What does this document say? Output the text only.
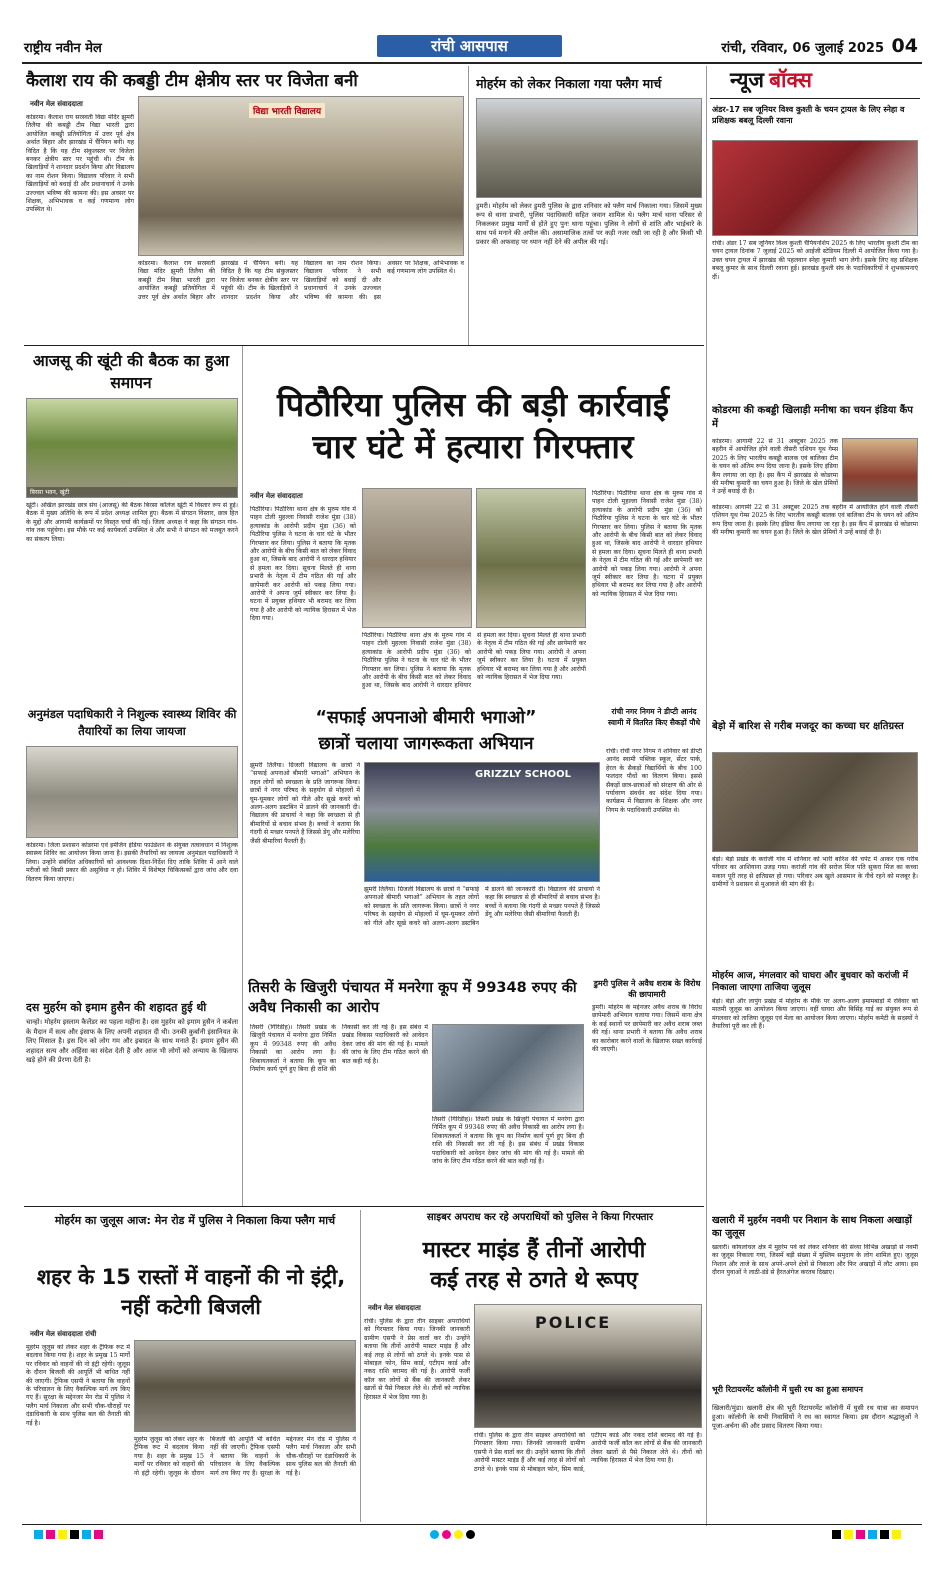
राष्ट्रीय नवीन मेल	रांची आसपास	रांची, रविवार, 06 जुलाई 2025 04
कैलाश राय की कबड्डी टीम क्षेत्रीय स्तर पर विजेता बनी
नवीन मेल संवाददाता
कोडरमा। कैलाश राय सरस्वती विद्या मंदिर झुमरी तिलैया की कबड्डी टीम विद्या भारती द्वारा आयोजित कबड्डी प्रतियोगिता में उत्तर पूर्व क्षेत्र अर्थात बिहार और झारखंड में चैंपियन बनी। यह विदित है कि यह टीम संकुलस्तर पर विजेता बनकर क्षेत्रीय स्तर पर पहुंची थी। टीम के खिलाड़ियों ने शानदार प्रदर्शन किया और विद्यालय का नाम रोशन किया। विद्यालय परिवार ने सभी खिलाड़ियों को बधाई दी और प्रधानाचार्य ने उनके उज्ज्वल भविष्य की कामना की। इस अवसर पर शिक्षक, अभिभावक व कई गणमान्य लोग उपस्थित थे।
विद्या भारती विद्यालय
कोडरमा। कैलाश राय सरस्वती विद्या मंदिर झुमरी तिलैया की कबड्डी टीम विद्या भारती द्वारा आयोजित कबड्डी प्रतियोगिता में उत्तर पूर्व क्षेत्र अर्थात बिहार और झारखंड में चैंपियन बनी। यह विदित है कि यह टीम संकुलस्तर पर विजेता बनकर क्षेत्रीय स्तर पर पहुंची थी। टीम के खिलाड़ियों ने शानदार प्रदर्शन किया और विद्यालय का नाम रोशन किया। विद्यालय परिवार ने सभी खिलाड़ियों को बधाई दी और प्रधानाचार्य ने उनके उज्ज्वल भविष्य की कामना की। इस अवसर पर शिक्षक, अभिभावक व कई गणमान्य लोग उपस्थित थे।
मोहर्रम को लेकर निकाला गया फ्लैग मार्च
डुमरी। मोहर्रम को लेकर डुमरी पुलिस के द्वारा शनिवार को फ्लैग मार्च निकाला गया। जिसमें मुख्य रूप से थाना प्रभारी, पुलिस पदाधिकारी सहित जवान शामिल थे। फ्लैग मार्च थाना परिसर से निकलकर प्रमुख मार्गों से होते हुए पुनः थाना पहुंचा। पुलिस ने लोगों से शांति और भाईचारे के साथ पर्व मनाने की अपील की। असामाजिक तत्वों पर कड़ी नजर रखी जा रही है और किसी भी प्रकार की अफवाह पर ध्यान नहीं देने की अपील की गई।
न्यूज बॉक्स
अंडर-17 सब जूनियर विश्व कुश्ती के चयन ट्रायल के लिए स्नेहा व प्रशिक्षक बबलू दिल्ली रवाना
रांची। अंडर 17 सब जूनियर विश्व कुश्ती चैंपियनशिप 2025 के लिए भारतीय कुश्ती टीम का चयन ट्रायल दिनांक 7 जुलाई 2025 को आईजी स्टेडियम दिल्ली में आयोजित किया गया है। उक्त चयन ट्रायल में झारखंड की पहलवान स्नेहा कुमारी भाग लेगी। इसके लिए वह प्रशिक्षक बबलू कुमार के साथ दिल्ली रवाना हुई। झारखंड कुश्ती संघ के पदाधिकारियों ने शुभकामनाएं दीं।
कोडरमा की कबड्डी खिलाड़ी मनीषा का चयन इंडिया कैंप में
कोडरमा। आगामी 22 से 31 अक्टूबर 2025 तक बहरीन में आयोजित होने वाली तीसरी एशियन यूथ गेम्स 2025 के लिए भारतीय कबड्डी बालक एवं बालिका टीम के चयन को अंतिम रूप दिया जाना है। इसके लिए इंडिया कैंप लगाया जा रहा है। इस कैंप में झारखंड से कोडरमा की मनीषा कुमारी का चयन हुआ है। जिले के खेल प्रेमियों ने उन्हें बधाई दी है।
कोडरमा। आगामी 22 से 31 अक्टूबर 2025 तक बहरीन में आयोजित होने वाली तीसरी एशियन यूथ गेम्स 2025 के लिए भारतीय कबड्डी बालक एवं बालिका टीम के चयन को अंतिम रूप दिया जाना है। इसके लिए इंडिया कैंप लगाया जा रहा है। इस कैंप में झारखंड से कोडरमा की मनीषा कुमारी का चयन हुआ है। जिले के खेल प्रेमियों ने उन्हें बधाई दी है।
बेड़ो में बारिश से गरीब मजदूर का कच्चा घर क्षतिग्रस्त
बेड़ो। बेड़ो प्रखंड के करांजी गांव में शनिवार को भारी बारिश की चपेट में आकर एक गरीब परिवार का आशियाना उजड़ गया। करांजी गांव की सरोज मिंज पति सुकरा मिंज का कच्चा मकान पूरी तरह से क्षतिग्रस्त हो गया। परिवार अब खुले आसमान के नीचे रहने को मजबूर है। ग्रामीणों ने प्रशासन से मुआवजे की मांग की है।
मोहर्रम आज, मंगलवार को घाघरा और बुधवार को करांजी में निकाला जाएगा ताजिया जुलूस
बेड़ो। बेड़ो और लापुंग प्रखंड में मोहर्रम के मौके पर अलग-अलग इमामबाड़ों में रविवार को मातमी जुलूस का आयोजन किया जाएगा। वहीं घाघरा और बिसिंह गाई का संयुक्त रूप से मंगलवार को ताजिया जुलूस एवं मेला का आयोजन किया जाएगा। मोहर्रम कमेटी के सदस्यों ने तैयारियां पूरी कर ली हैं।
खलारी में मुहर्रम नवमी पर निशान के साथ निकला अखाड़ों का जुलूस
खलारी। कोयलांचल क्षेत्र में मुहर्रम पर्व को लेकर शनिवार की संध्या विभिन्न अखाड़ों से नवमी का जुलूस निकाला गया, जिसमें बड़ी संख्या में मुस्लिम समुदाय के लोग शामिल हुए। जुलूस निशान और ताजे के साथ अपने-अपने क्षेत्रों से निकाला और फिर अखाड़ों में लौट आया। इस दौरान युवाओं ने लाठी-डंडे से हैरतअंगेज करतब दिखाए।
भूरी रिटायरमेंट कॉलोनी में घुसी रथ का हुआ समापन
खिलारी/मुंडा। खलारी क्षेत्र की भूरी रिटायरमेंट कॉलोनी में घुसी रथ यात्रा का समापन हुआ। कॉलोनी के सभी निवासियों ने रथ का स्वागत किया। इस दौरान श्रद्धालुओं ने पूजा-अर्चना की और प्रसाद वितरण किया गया।
आजसू की खूंटी की बैठक का हुआ समापन
बिरसा भवन, खूंटी
खूंटी। अखिल झारखंड छात्र संघ (आजसू) की बैठक बिरसा कॉलेज खूंटी में विस्तार रूप से हुई। बैठक में मुख्य अतिथि के रूप में प्रदेश अध्यक्ष शामिल हुए। बैठक में संगठन विस्तार, छात्र हित के मुद्दों और आगामी कार्यक्रमों पर विस्तृत चर्चा की गई। जिला अध्यक्ष ने कहा कि संगठन गांव-गांव तक पहुंचेगा। इस मौके पर कई कार्यकर्ता उपस्थित थे और सभी ने संगठन को मजबूत करने का संकल्प लिया।
पिठौरिया पुलिस की बड़ी कार्रवाई
चार घंटे में हत्यारा गिरफ्तार
नवीन मेल संवाददाता
पिठौरिया। पिठौरिया थाना क्षेत्र के मुरुम गांव में पाहन टोली मुहल्ला निवासी राजेश मुंडा (38) हत्याकांड के आरोपी प्रदीप मुंडा (36) को पिठौरिया पुलिस ने घटना के चार घंटे के भीतर गिरफ्तार कर लिया। पुलिस ने बताया कि मृतक और आरोपी के बीच किसी बात को लेकर विवाद हुआ था, जिसके बाद आरोपी ने धारदार हथियार से हमला कर दिया। सूचना मिलते ही थाना प्रभारी के नेतृत्व में टीम गठित की गई और छापेमारी कर आरोपी को पकड़ लिया गया। आरोपी ने अपना जुर्म स्वीकार कर लिया है। घटना में प्रयुक्त हथियार भी बरामद कर लिया गया है और आरोपी को न्यायिक हिरासत में भेज दिया गया।
पिठौरिया। पिठौरिया थाना क्षेत्र के मुरुम गांव में पाहन टोली मुहल्ला निवासी राजेश मुंडा (38) हत्याकांड के आरोपी प्रदीप मुंडा (36) को पिठौरिया पुलिस ने घटना के चार घंटे के भीतर गिरफ्तार कर लिया। पुलिस ने बताया कि मृतक और आरोपी के बीच किसी बात को लेकर विवाद हुआ था, जिसके बाद आरोपी ने धारदार हथियार से हमला कर दिया। सूचना मिलते ही थाना प्रभारी के नेतृत्व में टीम गठित की गई और छापेमारी कर आरोपी को पकड़ लिया गया। आरोपी ने अपना जुर्म स्वीकार कर लिया है। घटना में प्रयुक्त हथियार भी बरामद कर लिया गया है और आरोपी को न्यायिक हिरासत में भेज दिया गया।
पिठौरिया। पिठौरिया थाना क्षेत्र के मुरुम गांव में पाहन टोली मुहल्ला निवासी राजेश मुंडा (38) हत्याकांड के आरोपी प्रदीप मुंडा (36) को पिठौरिया पुलिस ने घटना के चार घंटे के भीतर गिरफ्तार कर लिया। पुलिस ने बताया कि मृतक और आरोपी के बीच किसी बात को लेकर विवाद हुआ था, जिसके बाद आरोपी ने धारदार हथियार से हमला कर दिया। सूचना मिलते ही थाना प्रभारी के नेतृत्व में टीम गठित की गई और छापेमारी कर आरोपी को पकड़ लिया गया। आरोपी ने अपना जुर्म स्वीकार कर लिया है। घटना में प्रयुक्त हथियार भी बरामद कर लिया गया है और आरोपी को न्यायिक हिरासत में भेज दिया गया।
अनुमंडल पदाधिकारी ने निशुल्क स्वास्थ्य शिविर की तैयारियों का लिया जायजा
कोडरमा। जिला प्रशासन कोडरमा एवं इमेजिन इंडिया फाउंडेशन के संयुक्त तत्वावधान में निशुल्क स्वास्थ्य शिविर का आयोजन किया जाना है। इसकी तैयारियों का जायजा अनुमंडल पदाधिकारी ने लिया। उन्होंने संबंधित अधिकारियों को आवश्यक दिशा-निर्देश दिए ताकि शिविर में आने वाले मरीजों को किसी प्रकार की असुविधा न हो। शिविर में विशेषज्ञ चिकित्सकों द्वारा जांच और दवा वितरण किया जाएगा।
“सफाई अपनाओ बीमारी भगाओ”
छात्रों चलाया जागरूकता अभियान
झुमरी तिलैया। ग्रिजली विद्यालय के छात्रों ने “सफाई अपनाओ बीमारी भगाओ” अभियान के तहत लोगों को स्वच्छता के प्रति जागरूक किया। छात्रों ने नगर परिषद के सहयोग से मोहल्लों में घूम-घूमकर लोगों को गीले और सूखे कचरे को अलग-अलग डस्टबिन में डालने की जानकारी दी। विद्यालय की प्राचार्या ने कहा कि स्वच्छता से ही बीमारियों से बचाव संभव है। बच्चों ने बताया कि गंदगी से मच्छर पनपते हैं जिससे डेंगू और मलेरिया जैसी बीमारियां फैलती हैं।
GRIZZLY SCHOOL
झुमरी तिलैया। ग्रिजली विद्यालय के छात्रों ने “सफाई अपनाओ बीमारी भगाओ” अभियान के तहत लोगों को स्वच्छता के प्रति जागरूक किया। छात्रों ने नगर परिषद के सहयोग से मोहल्लों में घूम-घूमकर लोगों को गीले और सूखे कचरे को अलग-अलग डस्टबिन में डालने की जानकारी दी। विद्यालय की प्राचार्या ने कहा कि स्वच्छता से ही बीमारियों से बचाव संभव है। बच्चों ने बताया कि गंदगी से मच्छर पनपते हैं जिससे डेंगू और मलेरिया जैसी बीमारियां फैलती हैं।
रांची नगर निगम ने डीप्टी आनंद स्वामी में वितरित किए सैकड़ों पौधे
रांची। रांची नगर निगम ने शनिवार को डीप्टी आनंद स्वामी पब्लिक स्कूल, सेंटर पार्क, हेरल के सैकड़ों विद्यार्थियों के बीच 100 फलदार पौधों का वितरण किया। इससे सैकड़ों छात्र-छात्राओं को संरक्षण की ओर से पर्यावरण संवर्धन का संदेश दिया गया। कार्यक्रम में विद्यालय के शिक्षक और नगर निगम के पदाधिकारी उपस्थित थे।
डुमरी पुलिस ने अवैध शराब के विरोध की छापामारी
डुमरी। मोहर्रम के मद्देनजर अवैध शराब के विरोध छापेमारी अभियान चलाया गया। जिसमें थाना क्षेत्र के कई स्थानों पर छापेमारी कर अवैध शराब जब्त की गई। थाना प्रभारी ने बताया कि अवैध शराब का कारोबार करने वालों के खिलाफ सख्त कार्रवाई की जाएगी।
दस मुहर्रम को इमाम हुसैन की शहादत हुई थी
चान्हो। मोहर्रम इस्लाम कैलेंडर का पहला महीना है। दस मुहर्रम को इमाम हुसैन ने कर्बला के मैदान में सत्य और इंसाफ के लिए अपनी शहादत दी थी। उनकी कुर्बानी इंसानियत के लिए मिसाल है। इस दिन को लोग गम और इबादत के साथ मनाते हैं। इमाम हुसैन की शहादत सत्य और अहिंसा का संदेश देती है और आज भी लोगों को अन्याय के खिलाफ खड़े होने की प्रेरणा देती है।
तिसरी के खिजुरी पंचायत में मनरेगा कूप में 99348 रुपए की अवैध निकासी का आरोप
तिसरी (गिरिडीह)। तिसरी प्रखंड के खिजुरी पंचायत में मनरेगा द्वारा निर्मित कूप में 99348 रुपए की अवैध निकासी का आरोप लगा है। शिकायतकर्ता ने बताया कि कूप का निर्माण कार्य पूर्ण हुए बिना ही राशि की निकासी कर ली गई है। इस संबंध में प्रखंड विकास पदाधिकारी को आवेदन देकर जांच की मांग की गई है। मामले की जांच के लिए टीम गठित करने की बात कही गई है।
तिसरी (गिरिडीह)। तिसरी प्रखंड के खिजुरी पंचायत में मनरेगा द्वारा निर्मित कूप में 99348 रुपए की अवैध निकासी का आरोप लगा है। शिकायतकर्ता ने बताया कि कूप का निर्माण कार्य पूर्ण हुए बिना ही राशि की निकासी कर ली गई है। इस संबंध में प्रखंड विकास पदाधिकारी को आवेदन देकर जांच की मांग की गई है। मामले की जांच के लिए टीम गठित करने की बात कही गई है।
मोहर्रम का जुलूस आज: मेन रोड में पुलिस ने निकाला किया फ्लैग मार्च
शहर के 15 रास्तों में वाहनों की नो इंट्री, नहीं कटेगी बिजली
नवीन मेल संवाददाता रांची
मुहर्रम जुलूस को लेकर शहर के ट्रैफिक रूट में बदलाव किया गया है। शहर के प्रमुख 15 मार्गों पर रविवार को वाहनों की नो इंट्री रहेगी। जुलूस के दौरान बिजली की आपूर्ति भी बाधित नहीं की जाएगी। ट्रैफिक एसपी ने बताया कि वाहनों के परिचालन के लिए वैकल्पिक मार्ग तय किए गए हैं। सुरक्षा के मद्देनजर मेन रोड में पुलिस ने फ्लैग मार्च निकाला और सभी चौक-चौराहों पर दंडाधिकारी के साथ पुलिस बल की तैनाती की गई है।
मुहर्रम जुलूस को लेकर शहर के ट्रैफिक रूट में बदलाव किया गया है। शहर के प्रमुख 15 मार्गों पर रविवार को वाहनों की नो इंट्री रहेगी। जुलूस के दौरान बिजली की आपूर्ति भी बाधित नहीं की जाएगी। ट्रैफिक एसपी ने बताया कि वाहनों के परिचालन के लिए वैकल्पिक मार्ग तय किए गए हैं। सुरक्षा के मद्देनजर मेन रोड में पुलिस ने फ्लैग मार्च निकाला और सभी चौक-चौराहों पर दंडाधिकारी के साथ पुलिस बल की तैनाती की गई है।
साइबर अपराध कर रहे अपराधियों को पुलिस ने किया गिरफ्तार
मास्टर माइंड हैं तीनों आरोपी
कई तरह से ठगते थे रूपए
नवीन मेल संवाददाता
रांची। पुलिस के द्वारा तीन साइबर अपराधियों को गिरफ्तार किया गया। जिनकी जानकारी ग्रामीण एसपी ने प्रेस वार्ता कर दी। उन्होंने बताया कि तीनों आरोपी मास्टर माइंड हैं और कई तरह से लोगों को ठगते थे। इनके पास से मोबाइल फोन, सिम कार्ड, एटीएम कार्ड और नकद राशि बरामद की गई है। आरोपी फर्जी कॉल कर लोगों से बैंक की जानकारी लेकर खातों से पैसे निकाल लेते थे। तीनों को न्यायिक हिरासत में भेज दिया गया है।
POLICE
रांची। पुलिस के द्वारा तीन साइबर अपराधियों को गिरफ्तार किया गया। जिनकी जानकारी ग्रामीण एसपी ने प्रेस वार्ता कर दी। उन्होंने बताया कि तीनों आरोपी मास्टर माइंड हैं और कई तरह से लोगों को ठगते थे। इनके पास से मोबाइल फोन, सिम कार्ड, एटीएम कार्ड और नकद राशि बरामद की गई है। आरोपी फर्जी कॉल कर लोगों से बैंक की जानकारी लेकर खातों से पैसे निकाल लेते थे। तीनों को न्यायिक हिरासत में भेज दिया गया है।
